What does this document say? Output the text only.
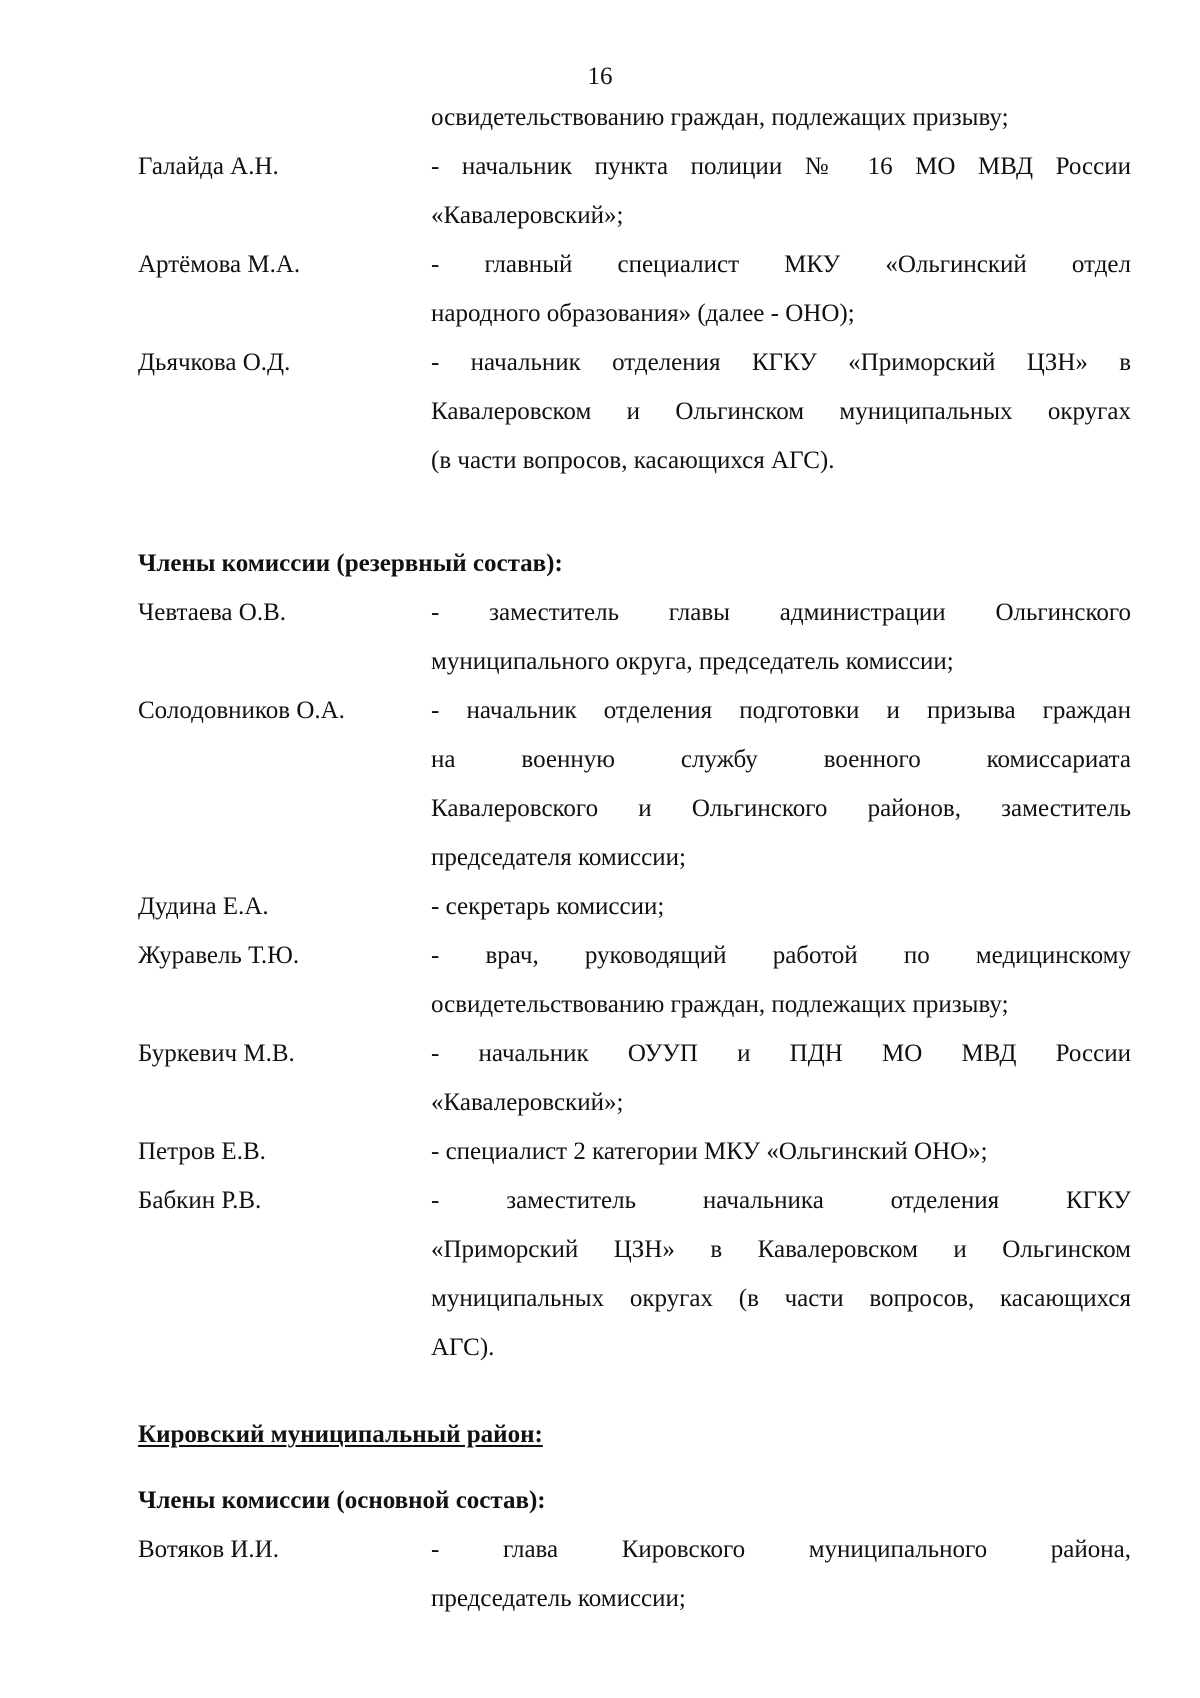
16
освидетельствованию граждан, подлежащих призыву;
Галайда А.Н.	- начальник пункта полиции № 16 МО МВД России
«Кавалеровский»;
Артёмова М.А.	- главный специалист МКУ «Ольгинский отдел
народного образования» (далее - ОНО);
Дьячкова О.Д.	- начальник отделения КГКУ «Приморский ЦЗН» в
Кавалеровском и Ольгинском муниципальных округах
(в части вопросов, касающихся АГС).
Члены комиссии (резервный состав):
Чевтаева О.В.	- заместитель главы администрации Ольгинского
муниципального округа, председатель комиссии;
Солодовников О.А.	- начальник отделения подготовки и призыва граждан
на военную службу военного комиссариата
Кавалеровского и Ольгинского районов, заместитель
председателя комиссии;
Дудина Е.А.	- секретарь комиссии;
Журавель Т.Ю.	- врач, руководящий работой по медицинскому
освидетельствованию граждан, подлежащих призыву;
Буркевич М.В.	- начальник ОУУП и ПДН МО МВД России
«Кавалеровский»;
Петров Е.В.	- специалист 2 категории МКУ «Ольгинский ОНО»;
Бабкин Р.В.	- заместитель начальника отделения КГКУ
«Приморский ЦЗН» в Кавалеровском и Ольгинском
муниципальных округах (в части вопросов, касающихся
АГС).
Кировский муниципальный район:
Члены комиссии (основной состав):
Вотяков И.И.	- глава Кировского муниципального района,
председатель комиссии;
